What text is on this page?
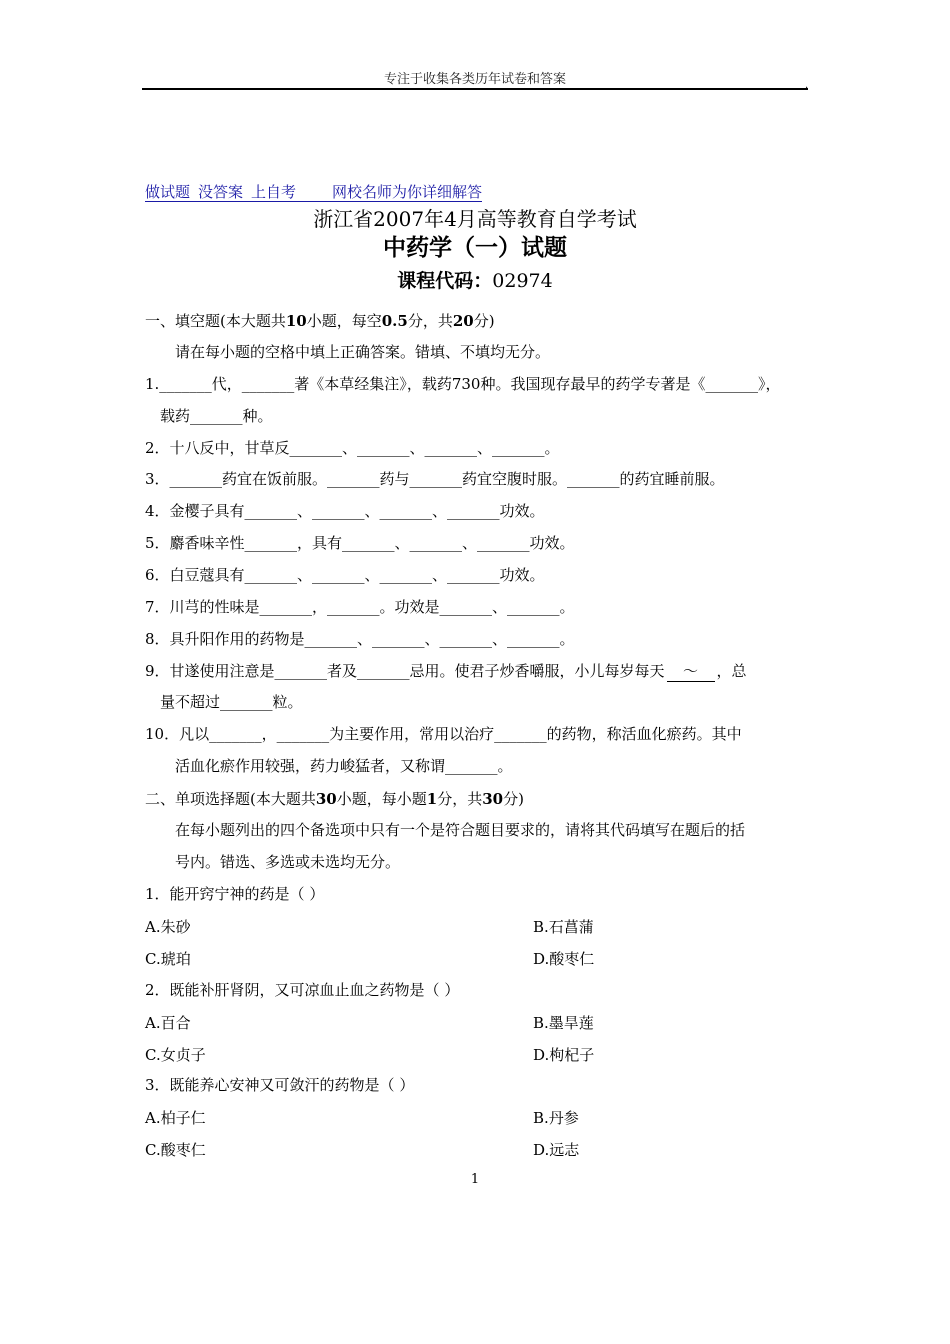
专注于收集各类历年试卷和答案	.
做试题 没答案 上自考 网校名师为你详细解答
浙江省2007年4月高等教育自学考试
中药学（一）试题
课程代码：02974
一、填空题(本大题共10小题，每空0.5分，共20分)
请在每小题的空格中填上正确答案。错填、不填均无分。
1._______代，_______著《本草经集注》，载药730种。我国现存最早的药学专著是《_______》，
载药_______种。
2．十八反中，甘草反_______、_______、_______、_______。
3．_______药宜在饭前服。_______药与_______药宜空腹时服。_______的药宜睡前服。
4．金樱子具有_______、_______、_______、_______功效。
5．麝香味辛性_______，具有_______、_______、_______功效。
6．白豆蔻具有_______、_______、_______、_______功效。
7．川芎的性味是_______，_______。功效是_______、_______。
8．具升阳作用的药物是_______、_______、_______、_______。
9．甘遂使用注意是_______者及_______忌用。使君子炒香嚼服，小儿每岁每天 ～ ，总
量不超过_______粒。
10．凡以_______，_______为主要作用，常用以治疗_______的药物，称活血化瘀药。其中
活血化瘀作用较强，药力峻猛者，又称谓_______。
二、单项选择题(本大题共30小题，每小题1分，共30分)
在每小题列出的四个备选项中只有一个是符合题目要求的，请将其代码填写在题后的括
号内。错选、多选或未选均无分。
1．能开窍宁神的药是（ ）
A.朱砂	B.石菖蒲
C.琥珀	D.酸枣仁
2．既能补肝肾阴，又可凉血止血之药物是（ ）
A.百合	B.墨旱莲
C.女贞子	D.枸杞子
3．既能养心安神又可敛汗的药物是（ ）
A.柏子仁	B.丹参
C.酸枣仁	D.远志
1
